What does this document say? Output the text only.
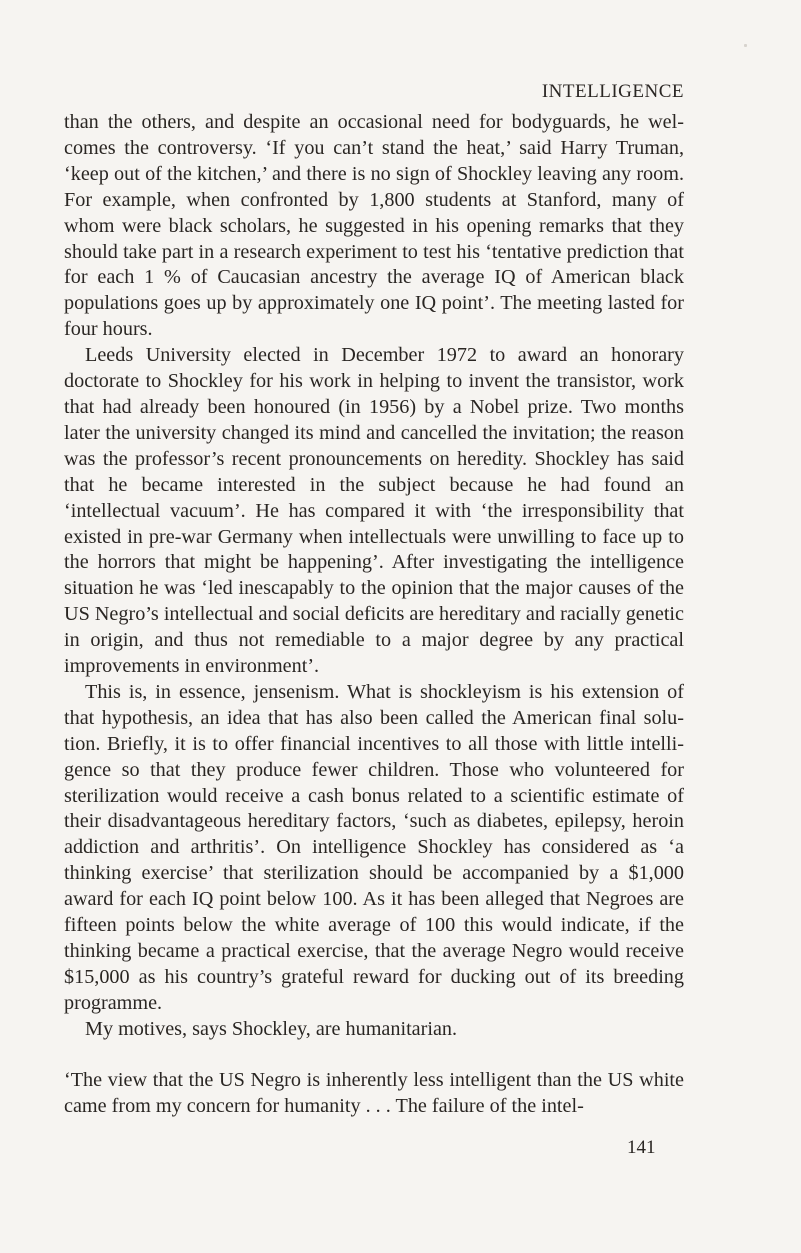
INTELLIGENCE

than the others, and despite an occasional need for bodyguards, he welcomes the controversy. ‘If you can’t stand the heat,’ said Harry Truman, ‘keep out of the kitchen,’ and there is no sign of Shockley leaving any room. For example, when confronted by 1,800 students at Stanford, many of whom were black scholars, he suggested in his opening remarks that they should take part in a research experiment to test his ‘tentative prediction that for each 1 % of Caucasian ancestry the average IQ of American black populations goes up by approximately one IQ point’. The meeting lasted for four hours.

Leeds University elected in December 1972 to award an honorary doctorate to Shockley for his work in helping to invent the transistor, work that had already been honoured (in 1956) by a Nobel prize. Two months later the university changed its mind and cancelled the invitation; the reason was the professor’s recent pronouncements on heredity. Shockley has said that he became interested in the subject because he had found an ‘intellectual vacuum’. He has compared it with ‘the irresponsibility that existed in pre-war Germany when intellectuals were unwilling to face up to the horrors that might be happening’. After investigating the intelligence situation he was ‘led inescapably to the opinion that the major causes of the US Negro’s intellectual and social deficits are hereditary and racially genetic in origin, and thus not remediable to a major degree by any practical improvements in environment’.

This is, in essence, jensenism. What is shockleyism is his extension of that hypothesis, an idea that has also been called the American final solution. Briefly, it is to offer financial incentives to all those with little intelligence so that they produce fewer children. Those who volunteered for sterilization would receive a cash bonus related to a scientific estimate of their disadvantageous hereditary factors, ‘such as diabetes, epilepsy, heroin addiction and arthritis’. On intelligence Shockley has considered as ‘a thinking exercise’ that sterilization should be accompanied by a $1,000 award for each IQ point below 100. As it has been alleged that Negroes are fifteen points below the white average of 100 this would indicate, if the thinking became a practical exercise, that the average Negro would receive $15,000 as his country’s grateful reward for ducking out of its breeding programme.

My motives, says Shockley, are humanitarian.

‘The view that the US Negro is inherently less intelligent than the US white came from my concern for humanity . . . The failure of the intel-

141
